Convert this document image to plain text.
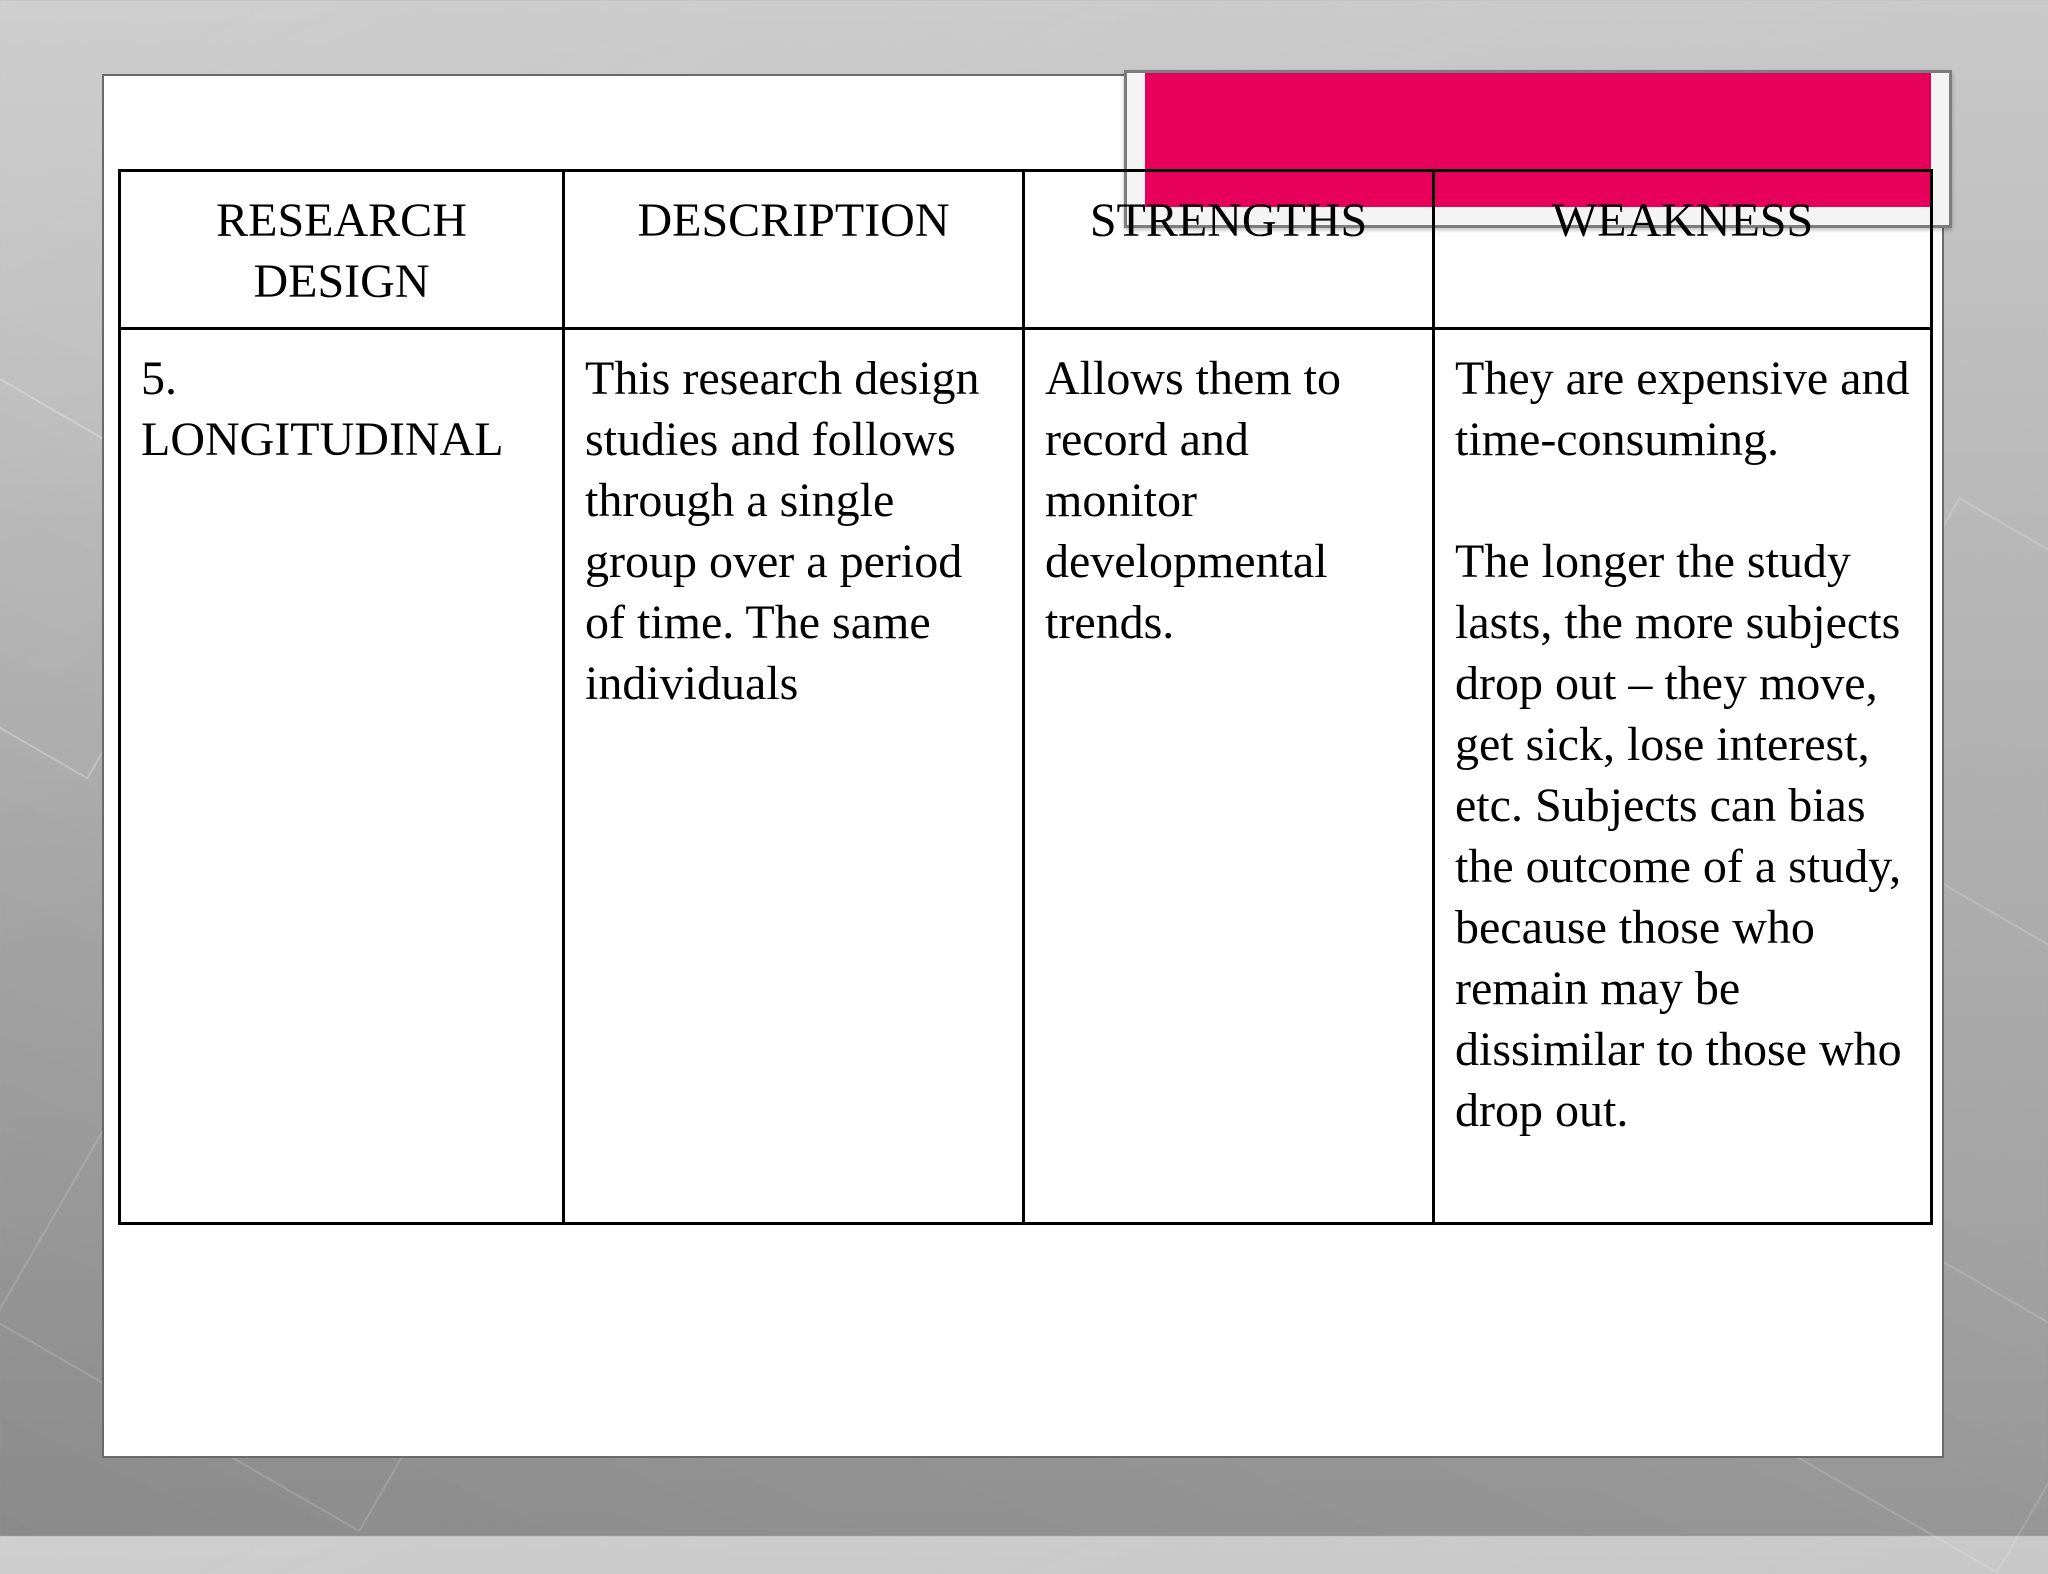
RESEARCH DESIGN	DESCRIPTION	STRENGTHS	WEAKNESS
5. LONGITUDINAL	This research design studies and follows through a single group over a period of time. The same individuals	Allows them to record and monitor developmental trends.	They are expensive and time-consuming.
The longer the study lasts, the more subjects drop out – they move, get sick, lose interest, etc. Subjects can bias the outcome of a study, because those who remain may be dissimilar to those who drop out.
